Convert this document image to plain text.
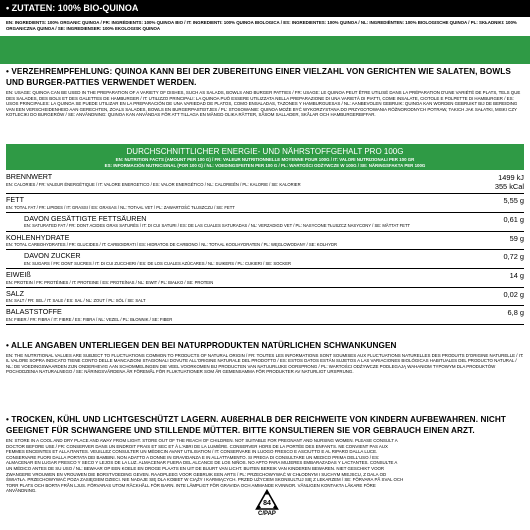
• ZUTATEN: 100% BIO-QUINOA
EN: INGREDIENTS: 100% ORGANIC QUINOA / FR: INGRÉDIENTS: 100% QUINOA BIO / IT: INGREDIENTI: 100% QUINOA BIOLOGICA / ES: INGREDIENTES: 100% QUINOA / NL: INGREDIËNTEN: 100% BIOLOGISCHE QUINOA / PL: SKŁADNIKI: 100% ORGANICZNA QUINOA / SE: INGREDIENSER: 100% EKOLOGISK QUINOA
• VERZEHREMPFEHLUNG: QUINOA KANN BEI DER ZUBEREITUNG EINER VIELZAHL VON GERICHTEN WIE SALATEN, BOWLS UND BURGER-PATTIES VERWENDET WERDEN.
EN: USAGE: QUINOA CAN BE USED IN THE PREPARATION OF A VARIETY OF DISHES, SUCH AS SALADS, BOWLS AND BURGER PATTIES / FR: USAGE: LE QUINOA PEUT ÊTRE UTILISÉ DANS LA PRÉPARATION D'UNE VARIÉTÉ DE PLATS, TELS QUE DES SALADES, DES BOLS ET DES GALETTES DE HAMBURGER / IT: UTILIZZO PRINCIPALI: LA QUINOA PUÒ ESSERE UTILIZZATA NELLA PREPARAZIONE DI UNA VARIETÀ DI PIATTI, COME INSALATE, CIOTOLE E POLPETTE DI HAMBURGER / ES: USOS PRINCIPALES: LA QUINOA SE PUEDE UTILIZAR EN LA PREPARACIÓN DE UNA VARIEDAD DE PLATOS, COMO ENSALADAS, TAZONES Y HAMBURGUESAS / NL: AANBEVOLEN GEBRUIK: QUINOA KAN WORDEN GEBRUIKT BIJ DE BEREIDING VAN EEN VERSCHEIDENHEID AAN GERECHTEN, ZOALS SALADES, BOWLS EN BURGERPASTEITJES / PL: STOSOWANIE: QUINOA MOŻE BYĆ WYKORZYSTANA DO PRZYGOTOWANIA RÓŻNORODNYCH POTRAW, TAKICH JAK SAŁATKI, MISKI CZY KOTLECIKI DO BURGERÓW / SE: ANVÄNDNING: QUINOA KAN ANVÄNDAS FÖR ATT TILLAGA EN MÄNGD OLIKA RÄTTER, SÅSOM SALLADER, SKÅLAR OCH HAMBURGERBIFFAR.
DURCHSCHNITTLICHER ENERGIE- UND NÄHRSTOFFGEHALT PRO 100G
EN: NUTRITION FACTS (AMOUNT PER 100 G) / FR: VALEUR NUTRITIONNELLE MOYENNE POUR 100G / IT: VALORI NUTRIZIONALI PER 100 GR
ES: INFORMACIÓN NUTRICIONAL (POR 100 G) / NL: VOEDINGSFEITEN PER 100 G / PL: WARTOŚCI ODŻYWCZE W 100G / SE: NÄRINGSFAKTA PER 100G
BRENNWERT
EN: CALORIES / FR: VALEUR ÉNERGÉTIQUE / IT: VALORE ENERGETICO / ES: VALOR ENERGÉTICO / NL: CALORIEËN / PL: KALORIE / SE: KALORIER
1499 kJ
355 kCal
FETT
EN: TOTAL FAT / FR: LIPIDES / IT: GRASSI / ES: GRASAS / NL: TOTAAL VET / PL: ZAWARTOŚĆ TŁUSZCZU / SE: FETT
5,55 g
DAVON GESÄTTIGTE FETTSÄUREN
EN: SATURATED FAT / FR: DONT ACIDES GRAS SATURÉS / IT: DI CUI SATURI / ES: DE LAS CUALES SATURADAS / NL: VERZADIGD VET / PL: NASYCONE TŁUSZCZ NASYCONY / SE: MÄTTAT FETT
0,61 g
KOHLENHYDRATE
EN: TOTAL CARBOHYDRATES / FR: GLUCIDES / IT: CARBOIDRATI / ES: HIDRATOS DE CARBONO / NL: TOTAAL KOOLHYDRATEN / PL: WĘGLOWODANY / SE: KOLHYDR
59 g
DAVON ZUCKER
EN: SUGARS / FR: DONT SUCRES / IT: DI CUI ZUCCHERI / ES: DE LOS CUALES AZÚCARES / NL: SUIKERS / PL: CUKIERI / SE: SOCKER
0,72 g
EIWEIß
EN: PROTEIN / FR: PROTÉINES / IT: PROTEINE / ES: PROTEÍNAS / NL: EIWIT / PL: BIAŁKO / SE: PROTEIN
14 g
SALZ
EN: SALT / FR: SEL / IT: SALE / ES: SAL / NL: ZOUT / PL: SÓL / SE: SALT
0,02 g
BALASTSTOFFE
EN: FIBER / FR: FIBRA / IT: FIBRE / ES: FIBRA / NL: VEZEL / PL: BŁONNIK / SE: FIBER
6,8 g
• ALLE ANGABEN UNTERLIEGEN DEN BEI NATURPRODUKTEN NATÜRLICHEN SCHWANKUNGEN
EN: THE NUTRITIONAL VALUES ARE SUBJECT TO FLUCTUATIONS COMMON TO PRODUCTS OF NATURAL ORIGIN / FR: TOUTES LES INFORMATIONS SONT SOUMISES AUX FLUCTUATIONS NATURELLES DES PRODUITS D'ORIGINE NATURELLE / IT: IL VALORE SOPRA INDICATO TIENE CONTO DELLE MANCAZIONI STAGIONALI DOVUTE ALL'ORIGINE NATURALE DEL PRODOTTO / ES: ESTOS DATOS ESTÁN SUJETOS A LAS VARIACIONES BIOLÓGICAS HABITUALES DEL PRODUCTO NATURAL / NL: DE VOEDINGSWAARDEN ZIJN ONDERHEVIG AAN SCHOMMELINGEN DIE VEEL VOORKOMEN BIJ PRODUCTEN VAN NATUURLIJKE OORSPRONG / PL: WARTOŚCI ODŻYWCZE PODLEGAJĄ WAHANIOM TYPOWYM DLA PRODUKTÓW POCHODZENIA NATURALNEGO / SE: NÄRINGSVÄRDENA ÄR FÖREMÅL FÖR FLUKTUATIONER SOM ÄR GEMENSAMMA FÖR PRODUKTER AV NATURLIGT URSPRUNG.
• TROCKEN, KÜHL UND LICHTGESCHÜTZT LAGERN. AUßERHALB DER REICHWEITE VON KINDERN AUFBEWAHREN. NICHT GEEIGNET FÜR SCHWANGERE UND STILLENDE MÜTTER. BITTE KONSULTIEREN SIE VOR GEBRAUCH EINEN ARZT.
EN: STORE IN A COOL AND DRY PLACE AND AWAY FROM LIGHT. STORE OUT OF THE REACH OF CHILDREN. NOT SUITABLE FOR PREGNANT AND NURSING WOMEN. PLEASE CONSULT A DOCTOR BEFORE USE / FR: CONSERVER DANS UN ENDROIT FRAIS ET SEC ET À L'ABRI DE LA LUMIÈRE. CONSERVER HORS DE LA PORTÉE DES ENFANTS. NE CONVIENT PAS AUX FEMMES ENCEINTES ET ALLAITANTES. VEUILLEZ CONSULTER UN MÉDECIN AVANT UTILISATION / IT: CONSERVARE IN LUOGO FRESCO E ASCIUTTO E AL RIPARO DALLA LUCE. CONSERVARE FUORI DALLA PORTATA DEI BAMBINI. NON ADATTO A DONNE IN GRAVIDANZA E IN ALLATTAMENTO. SI PREGA DI CONSULTARE UN MEDICO PRIMA DELL'USO / ES: ALMACENAR EN LUGAR FRESCO Y SECO Y LEJOS DE LA LUZ. ALMACENAR FUERA DEL ALCANCE DE LOS NIÑOS. NO APTO PARA MUJERES EMBARAZADAS Y LACTANTES. CONSULTE A UN MÉDICO ANTES DE SU USO / NL: BEWAAR OP EEN KOELE EN DROGE PLAATS EN UIT DE BUURT VAN LICHT. BUITEN BEREIK VAN KINDEREN BEWAREN. NIET GESCHIKT VOOR ZWANGERE VROUWEN EN VROUWEN DIE BORSTVOEDING GEVEN. RAADPLEEG VOOR GEBRUIK EEN ARTS / PL: PRZECHOWYWAĆ W CHŁODNYM I SUCHYM MIEJSCU, Z DALA OD ŚWIATŁA. PRZECHOWYWAĆ POZA ZASIĘGIEM DZIECI. NIE NADAJE SIĘ DLA KOBIET W CIĄŻY I KARMIĄCYCH. PRZED UŻYCIEM SKONSULTUJ SIĘ Z LEKARZEM / SE: FÖRVARA PÅ SVAL OCH TORR PLATS OCH BORTA FRÅN LJUS. FÖRVARAS UTOM RÄCKHÅLL FÖR BARN. INTE LÄMPLIGT FÖR GRAVIDA OCH AMMANDE KVINNOR. VÄNLIGEN KONTAKTA LÄKARE FÖRE ANVÄNDNING.
84
C/PAP
